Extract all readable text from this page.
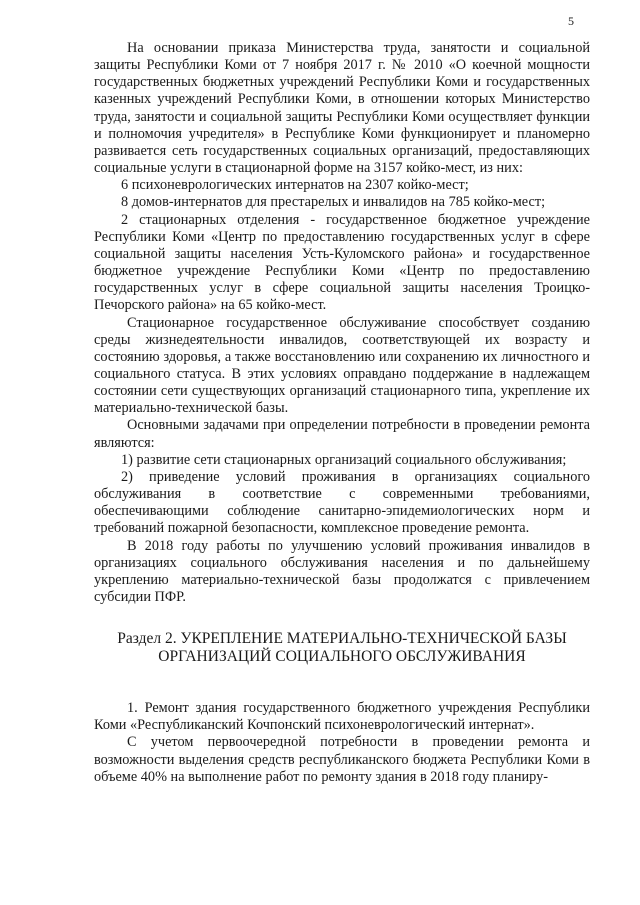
5

На основании приказа Министерства труда, занятости и социальной защиты Республики Коми от 7 ноября 2017 г. № 2010 «О коечной мощности государственных бюджетных учреждений Республики Коми и государственных казенных учреждений Республики Коми, в отношении которых Министерство труда, занятости и социальной защиты Республики Коми осуществляет функции и полномочия учредителя» в Республике Коми функционирует и планомерно развивается сеть государственных социальных организаций, предоставляющих социальные услуги в стационарной форме на 3157 койко-мест, из них:

6 психоневрологических интернатов на 2307 койко-мест;

8 домов-интернатов для престарелых и инвалидов на 785 койко-мест;

2 стационарных отделения - государственное бюджетное учреждение Республики Коми «Центр по предоставлению государственных услуг в сфере социальной защиты населения Усть-Куломского района» и государственное бюджетное учреждение Республики Коми «Центр по предоставлению государственных услуг в сфере социальной защиты населения Троицко-Печорского района» на 65 койко-мест.

Стационарное государственное обслуживание способствует созданию среды жизнедеятельности инвалидов, соответствующей их возрасту и состоянию здоровья, а также восстановлению или сохранению их личностного и социального статуса. В этих условиях оправдано поддержание в надлежащем состоянии сети существующих организаций стационарного типа, укрепление их материально-технической базы.

Основными задачами при определении потребности в проведении ремонта являются:

1) развитие сети стационарных организаций социального обслуживания;

2) приведение условий проживания в организациях социального обслуживания в соответствие с современными требованиями, обеспечивающими соблюдение санитарно-эпидемиологических норм и требований пожарной безопасности, комплексное проведение ремонта.

В 2018 году работы по улучшению условий проживания инвалидов в организациях социального обслуживания населения и по дальнейшему укреплению материально-технической базы продолжатся с привлечением субсидии ПФР.

Раздел 2. УКРЕПЛЕНИЕ МАТЕРИАЛЬНО-ТЕХНИЧЕСКОЙ БАЗЫ
ОРГАНИЗАЦИЙ СОЦИАЛЬНОГО ОБСЛУЖИВАНИЯ

1. Ремонт здания государственного бюджетного учреждения Республики Коми «Республиканский Кочпонский психоневрологический интернат».

С учетом первоочередной потребности в проведении ремонта и возможности выделения средств республиканского бюджета Республики Коми в объеме 40% на выполнение работ по ремонту здания в 2018 году планиру-
